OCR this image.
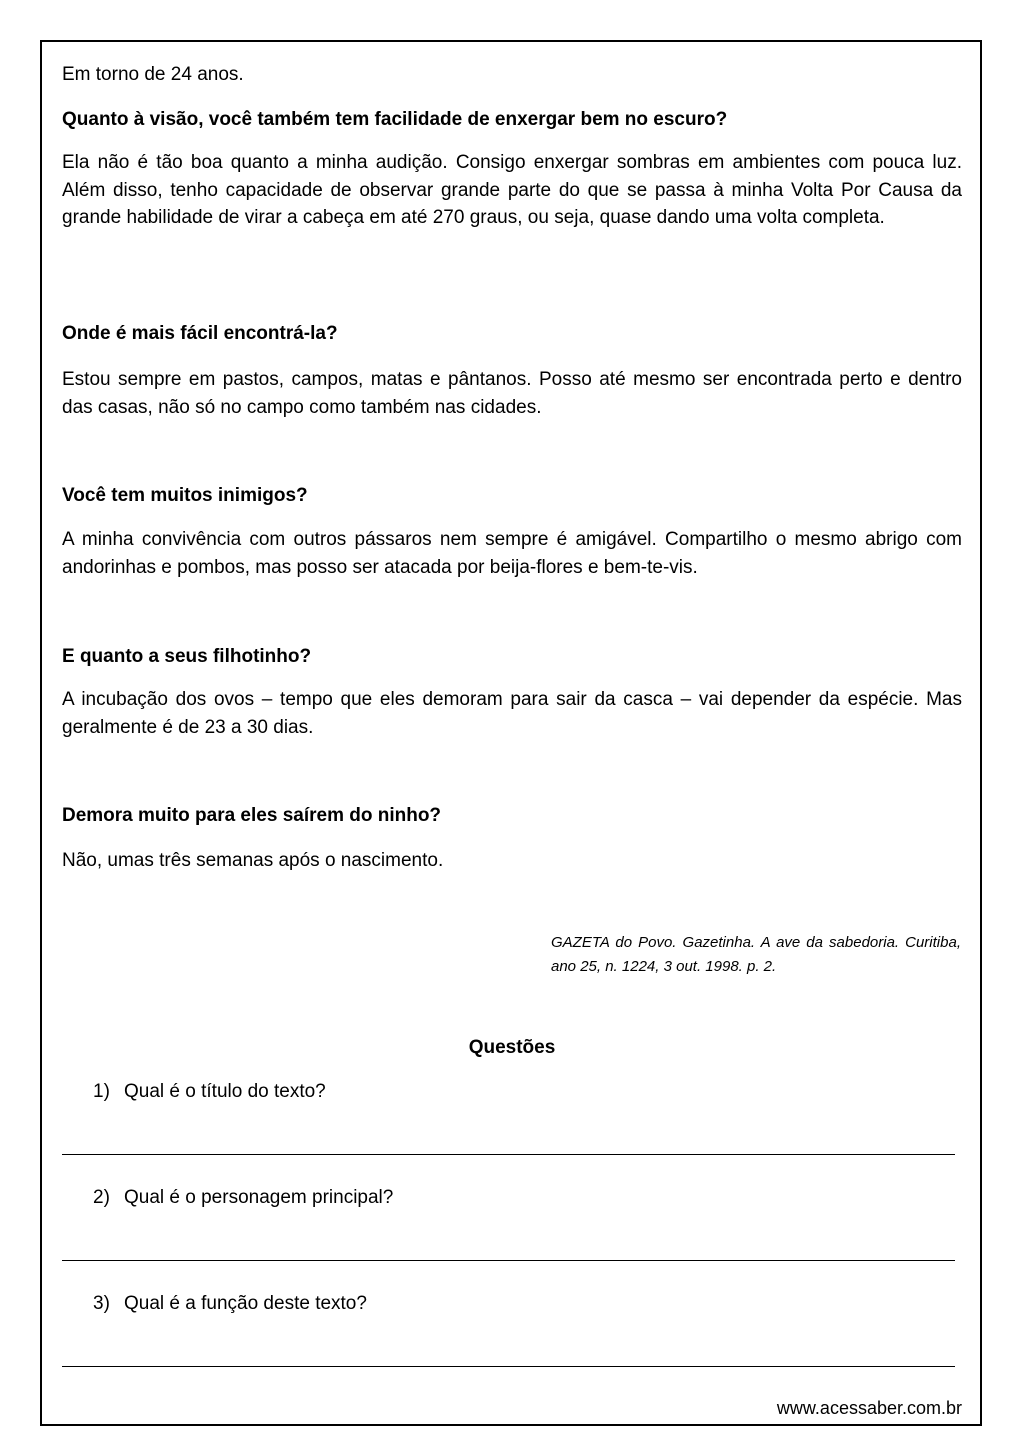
Em torno de 24 anos.
Quanto à visão, você também tem facilidade de enxergar bem no escuro?
Ela não é tão boa quanto a minha audição. Consigo enxergar sombras em ambientes com pouca luz. Além disso, tenho capacidade de observar grande parte do que se passa à minha Volta Por Causa da grande habilidade de virar a cabeça em até 270 graus, ou seja, quase dando uma volta completa.
Onde é mais fácil encontrá-la?
Estou sempre em pastos, campos, matas e pântanos. Posso até mesmo ser encontrada perto e dentro das casas, não só no campo como também nas cidades.
Você tem muitos inimigos?
A minha convivência com outros pássaros nem sempre é amigável. Compartilho o mesmo abrigo com andorinhas e pombos, mas posso ser atacada por beija-flores e bem-te-vis.
E quanto a seus filhotinho?
A incubação dos ovos – tempo que eles demoram para sair da casca – vai depender da espécie. Mas geralmente é de 23 a 30 dias.
Demora muito para eles saírem do ninho?
Não, umas três semanas após o nascimento.
GAZETA do Povo. Gazetinha. A ave da sabedoria. Curitiba, ano 25, n. 1224, 3 out. 1998. p. 2.
Questões
1) Qual é o título do texto?
2) Qual é o personagem principal?
3) Qual é a função deste texto?
www.acessaber.com.br
